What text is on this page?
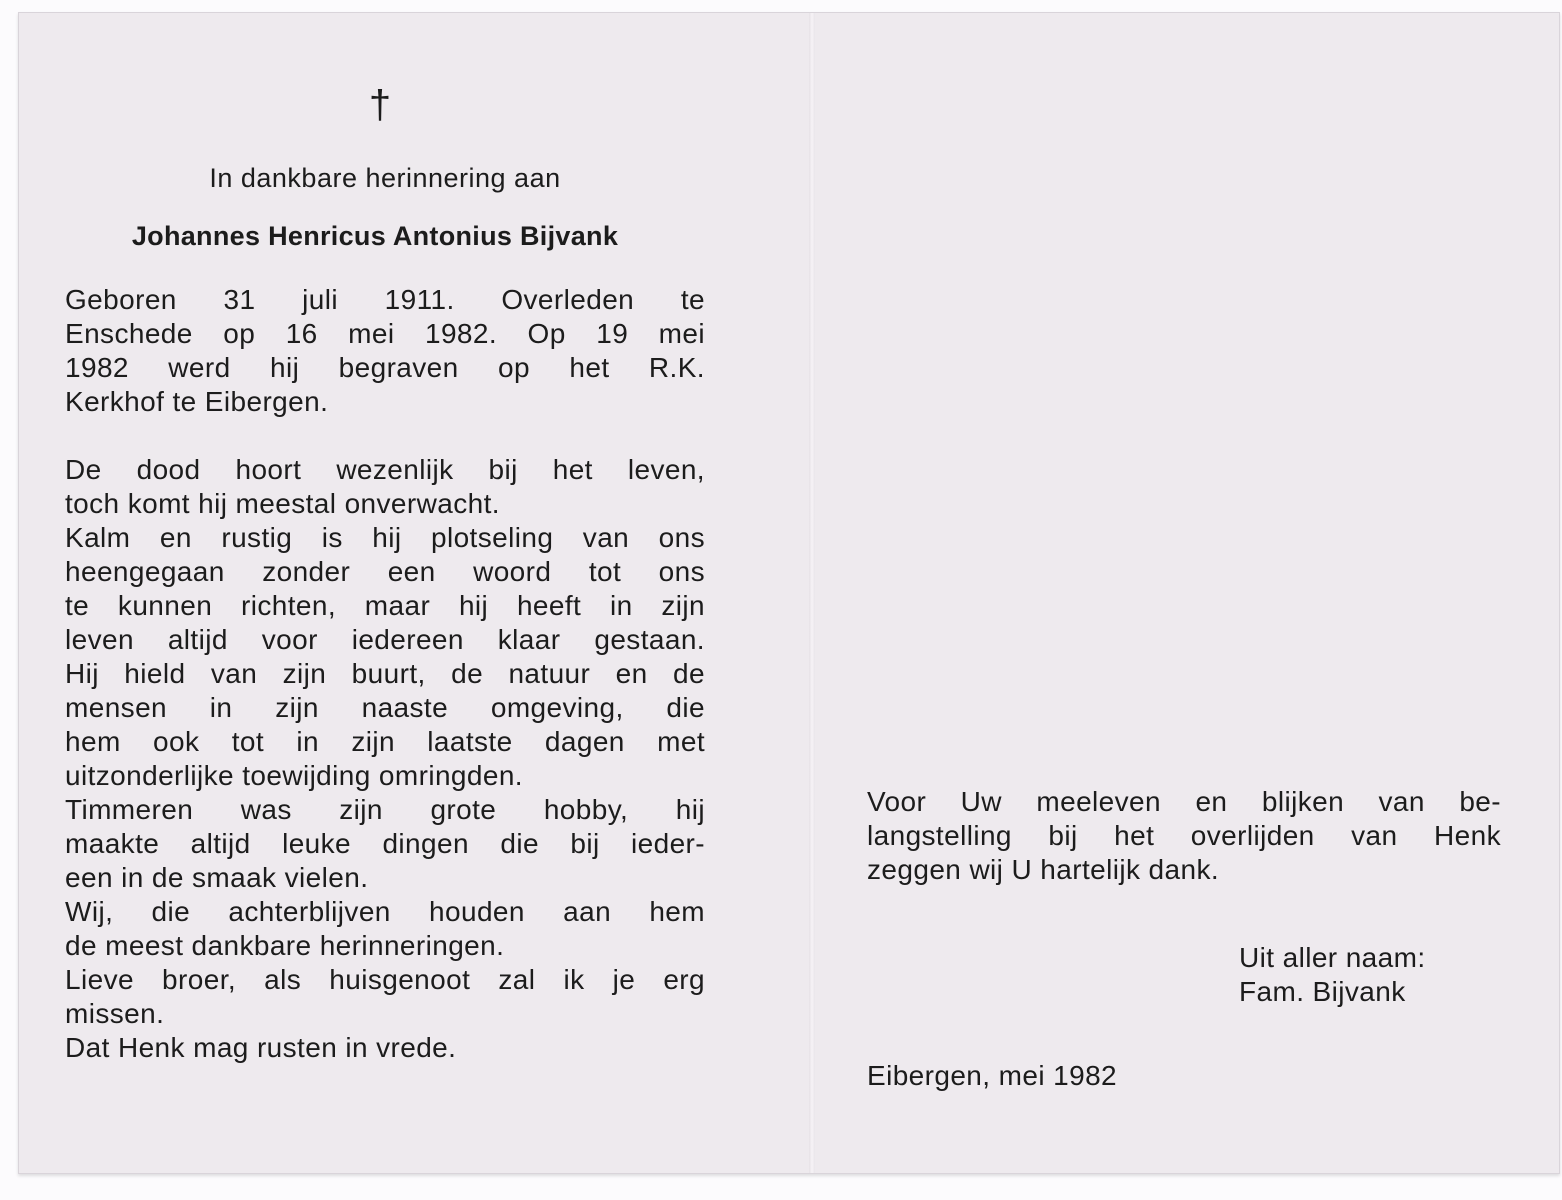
†
In dankbare herinnering aan
Johannes Henricus Antonius Bijvank
Geboren 31 juli 1911. Overleden te
Enschede op 16 mei 1982. Op 19 mei
1982 werd hij begraven op het R.K.
Kerkhof te Eibergen.
De dood hoort wezenlijk bij het leven,
toch komt hij meestal onverwacht.
Kalm en rustig is hij plotseling van ons
heengegaan zonder een woord tot ons
te kunnen richten, maar hij heeft in zijn
leven altijd voor iedereen klaar gestaan.
Hij hield van zijn buurt, de natuur en de
mensen in zijn naaste omgeving, die
hem ook tot in zijn laatste dagen met
uitzonderlijke toewijding omringden.
Timmeren was zijn grote hobby, hij
maakte altijd leuke dingen die bij ieder-
een in de smaak vielen.
Wij, die achterblijven houden aan hem
de meest dankbare herinneringen.
Lieve broer, als huisgenoot zal ik je erg
missen.
Dat Henk mag rusten in vrede.
Voor Uw meeleven en blijken van be-
langstelling bij het overlijden van Henk
zeggen wij U hartelijk dank.
Uit aller naam:
Fam. Bijvank
Eibergen, mei 1982
